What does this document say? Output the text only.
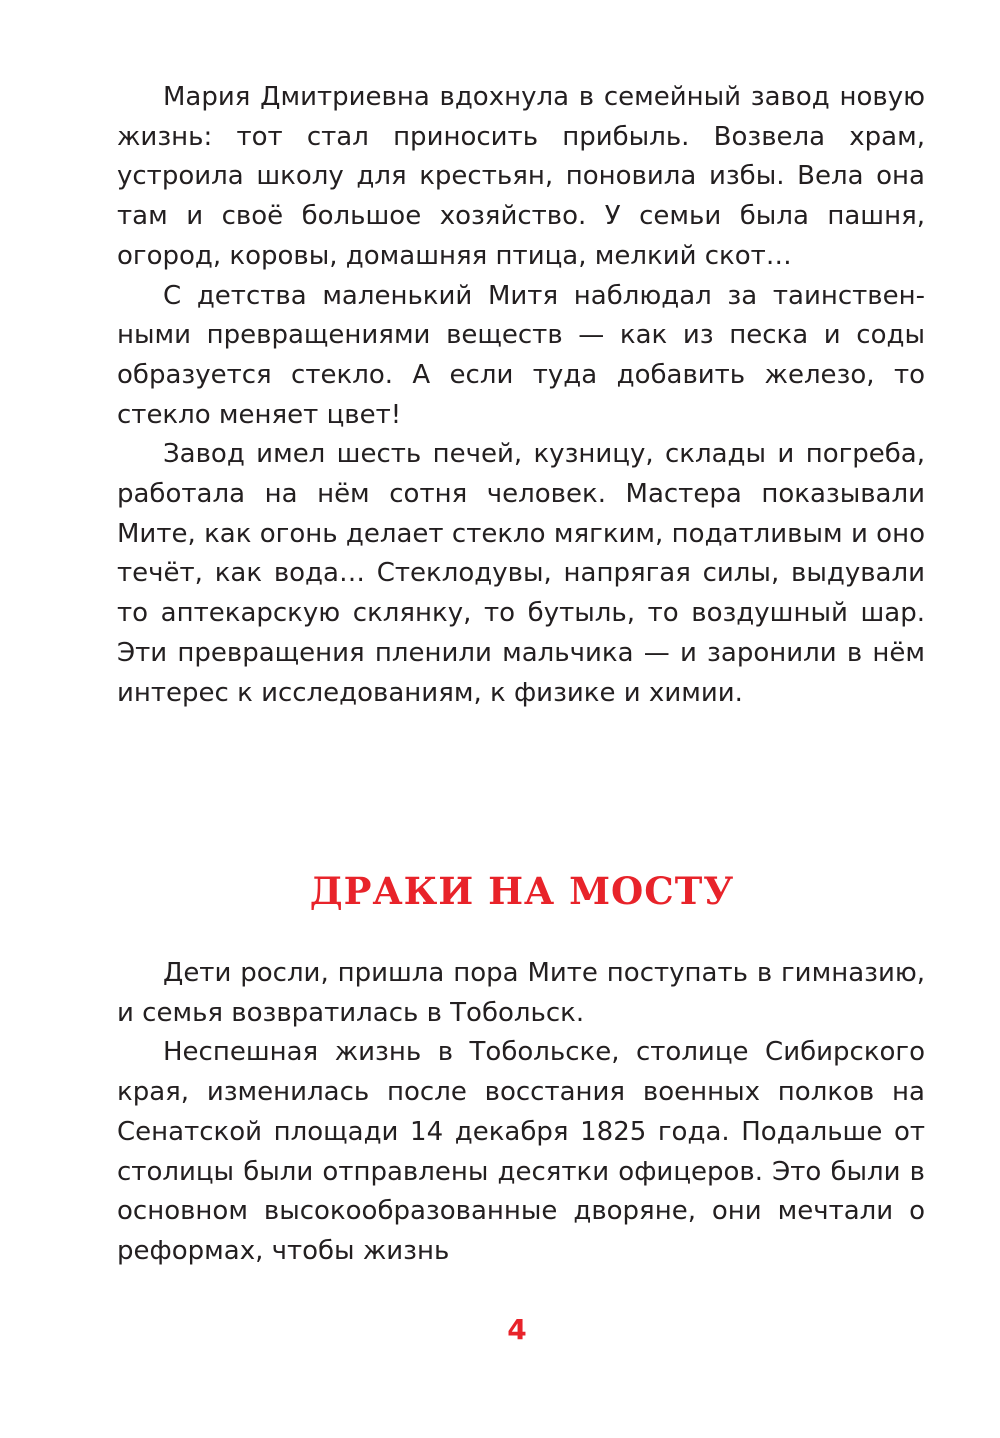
Мария Дмитриевна вдохнула в семейный завод новую жизнь: тот стал приносить прибыль. Возвела храм, устроила школу для крестьян, поновила избы. Вела она там и своё большое хозяйство. У семьи была пашня, огород, коровы, домашняя птица, мелкий скот…

С детства маленький Митя наблюдал за таинственными превращениями веществ — как из песка и соды образуется стекло. А если туда добавить железо, то стекло меняет цвет!

Завод имел шесть печей, кузницу, склады и погреба, работала на нём сотня человек. Мастера показывали Мите, как огонь делает стекло мягким, податливым и оно течёт, как вода… Стеклодувы, напрягая силы, выдували то аптекарскую склянку, то бутыль, то воздушный шар. Эти превращения пленили мальчика — и заронили в нём интерес к исследованиям, к физике и химии.

ДРАКИ НА МОСТУ

Дети росли, пришла пора Мите поступать в гимназию, и семья возвратилась в Тобольск.

Неспешная жизнь в Тобольске, столице Сибирского края, изменилась после восстания военных полков на Сенатской площади 14 декабря 1825 года. Подальше от столицы были отправлены десятки офицеров. Это были в основном высокообразованные дворяне, они мечтали о реформах, чтобы жизнь

4
